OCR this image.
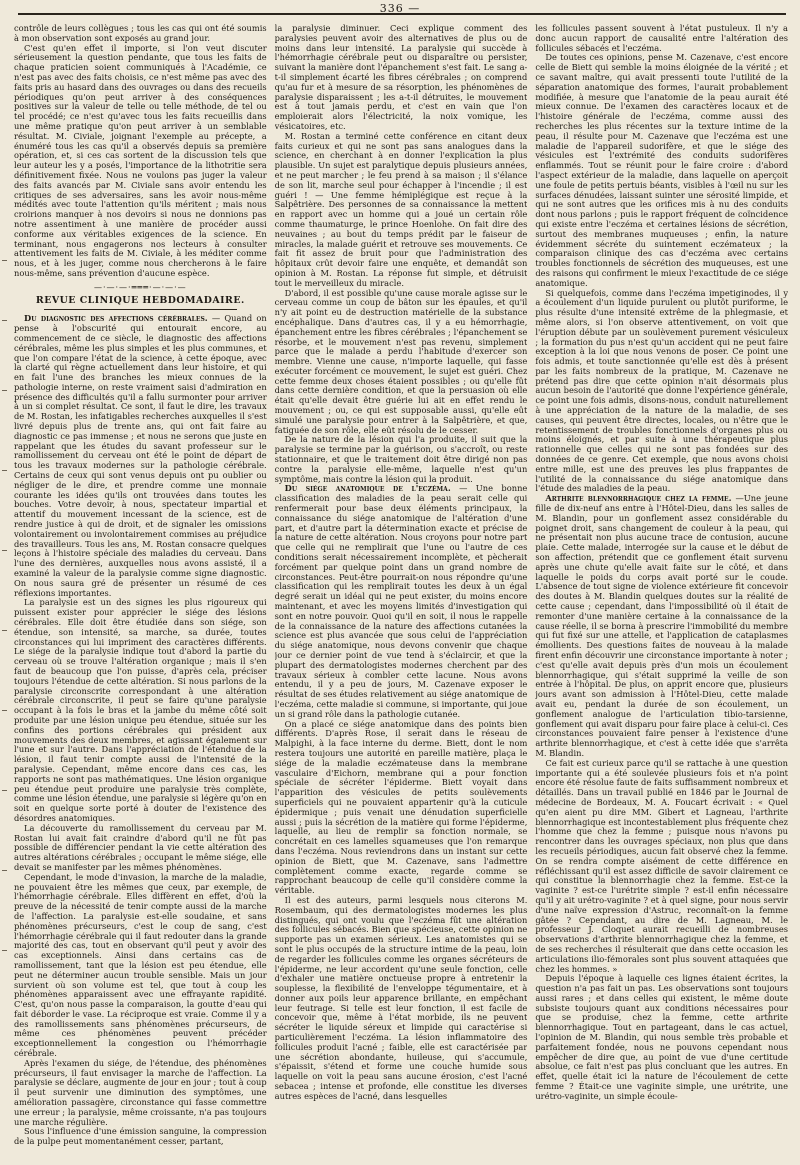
336 —

contrôle de leurs collègues ; tous les cas qui ont été soumis à mon observation sont exposés au grand jour.

C'est qu'en effet il importe, si l'on veut discuter sérieusement la question pendante, que tous les faits de chaque praticien soient communiqués à l'Académie, ce n'est pas avec des faits choisis, ce n'est même pas avec des faits pris au hasard dans des ouvrages ou dans des recueils périodiques qu'on peut arriver à des conséquences positives sur la valeur de telle ou telle méthode, de tel ou tel procédé; ce n'est qu'avec tous les faits recueillis dans une même pratique qu'on peut arriver à un semblable résultat. M. Civiale, joignant l'exemple au précepte, a énuméré tous les cas qu'il a observés depuis sa première opération, et, si ces cas sortent de la discussion tels que leur auteur les y a posés, l'importance de la lithotritie sera définitivement fixée. Nous ne voulons pas juger la valeur des faits avancés par M. Civiale sans avoir entendu les critiques de ses adversaires, sans les avoir nous-même médités avec toute l'attention qu'ils méritent ; mais nous croirions manquer à nos devoirs si nous ne donnions pas notre assentiment à une manière de procéder aussi conforme aux véritables exigences de la science. En terminant, nous engagerons nos lecteurs à consulter attentivement les faits de M. Civiale, à les méditer comme nous, et à les juger, comme nous chercherons à le faire nous-même, sans prévention d'aucune espèce.

—·—·—·═══·—·—·—
REVUE CLINIQUE HEBDOMADAIRE.

Du diagnostic des affections cérébrales. — Quand on pense à l'obscurité qui entourait encore, au commencement de ce siècle, le diagnostic des affections cérébrales, même les plus simples et les plus communes, et que l'on compare l'état de la science, à cette époque, avec la clarté qui règne actuellement dans leur histoire, et qui en fait l'une des branches les mieux connues de la pathologie interne, on reste vraiment saisi d'admiration en présence des difficultés qu'il a fallu surmonter pour arriver à un si complet résultat. Ce sont, il faut le dire, les travaux de M. Rostan, les infatigables recherches auxquelles il s'est livré depuis plus de trente ans, qui ont fait faire au diagnostic ce pas immense ; et nous ne serons que juste en rappelant que les études du savant professeur sur le ramollissement du cerveau ont été le point de départ de tous les travaux modernes sur la pathologie cérébrale. Certains de ceux qui sont venus depuis ont pu oublier ou négliger de le dire, et prendre comme une monnaie courante les idées qu'ils ont trouvées dans toutes les bouches. Votre devoir, à nous, spectateur impartial et attentif du mouvement incessant de la science, est de rendre justice à qui de droit, et de signaler les omissions volontairement ou involontairement commises au préjudice des travailleurs. Tous les ans, M. Rostan consacre quelques leçons à l'histoire spéciale des maladies du cerveau. Dans l'une des dernières, auxquelles nous avons assisté, il a examiné la valeur de la paralysie comme signe diagnostic. On nous saura gré de présenter un résumé de ces réflexions importantes.

La paralysie est un des signes les plus rigoureux qui puissent exister pour apprécier le siége des lésions cérébrales. Elle doit être étudiée dans son siége, son étendue, son intensité, sa marche, sa durée, toutes circonstances qui lui impriment des caractères différents. Le siége de la paralysie indique tout d'abord la partie du cerveau où se trouve l'altération organique ; mais il s'en faut de beaucoup que l'on puisse, d'après cela, préciser toujours l'étendue de cette altération. Si nous parlons de la paralysie circonscrite correspondant à une altération cérébrale circonscrite, il peut se faire qu'une paralysie occupant à la fois le bras et la jambe du même côté soit produite par une lésion unique peu étendue, située sur les confins des portions cérébrales qui président aux mouvements des deux membres, et agissant également sur l'une et sur l'autre. Dans l'appréciation de l'étendue de la lésion, il faut tenir compte aussi de l'intensité de la paralysie. Cependant, même encore dans ces cas, les rapports ne sont pas mathématiques. Une lésion organique peu étendue peut produire une paralysie très complète, comme une lésion étendue, une paralysie si légère qu'on en soit en quelque sorte porté à douter de l'existence des désordres anatomiques.

La découverte du ramollissement du cerveau par M. Rostan lui avait fait craindre d'abord qu'il ne fût pas possible de différencier pendant la vie cette altération des autres altérations cérébrales ; occupant le même siége, elle devait se manifester par les mêmes phénomènes.

Cependant, le mode d'invasion, la marche de la maladie, ne pouvaient être les mêmes que ceux, par exemple, de l'hémorrhagie cérébrale. Elles diffèrent en effet, d'où la preuve de la nécessité de tenir compte aussi de la marche de l'affection. La paralysie est-elle soudaine, et sans phénomènes précurseurs, c'est le coup de sang, c'est l'hémorrhagie cérébrale qui il faut redouter dans la grande majorité des cas, tout en observant qu'il peut y avoir des cas exceptionnels. Ainsi dans certains cas de ramollissement, tant que la lésion est peu étendue, elle peut ne déterminer aucun trouble sensible. Mais un jour survient où son volume est tel, que tout à coup les phénomènes apparaissent avec une effrayante rapidité. C'est, qu'on nous passe la comparaison, la goutte d'eau qui fait déborder le vase. La réciproque est vraie. Comme il y a des ramollissements sans phénomènes précurseurs, de même ces phénomènes peuvent précéder exceptionnellement la congestion ou l'hémorrhagie cérébrale.

Après l'examen du siége, de l'étendue, des phénomènes précurseurs, il faut envisager la marche de l'affection. La paralysie se déclare, augmente de jour en jour ; tout à coup il peut survenir une diminution des symptômes, une amélioration passagère, circonstance qui fasse commettre une erreur ; la paralysie, même croissante, n'a pas toujours une marche régulière.

Sous l'influence d'une émission sanguine, la compression de la pulpe peut momentanément cesser, partant,

la paralysie diminuer. Ceci explique comment des paralysies peuvent avoir des alternatives de plus ou de moins dans leur intensité. La paralysie qui succède à l'hémorrhagie cérébrale peut ou disparaître ou persister, suivant la manière dont l'épanchement s'est fait. Le sang a-t-il simplement écarté les fibres cérébrales ; on comprend qu'au fur et à mesure de sa résorption, les phénomènes de paralysie disparaissent ; les a-t-il détruites, le mouvement est à tout jamais perdu, et c'est en vain que l'on emploierait alors l'électricité, la noix vomique, les vésicatoires, etc.

M. Rostan a terminé cette conférence en citant deux faits curieux et qui ne sont pas sans analogues dans la science, en cherchant à en donner l'explication la plus plausible. Un sujet est paralytique depuis plusieurs années, et ne peut marcher ; le feu prend à sa maison ; il s'élance de son lit, marche seul pour échapper à l'incendie ; il est guéri ! — Une femme hémiplégique est reçue à la Salpêtrière. Des personnes de sa connaissance la mettent en rapport avec un homme qui a joué un certain rôle comme thaumaturge, le prince Hoenlohe. On fait dire des neuvaines ; au bout du temps prédit par le faiseur de miracles, la malade guérit et retrouve ses mouvements. Ce fait fit assez de bruit pour que l'administration des hôpitaux crût devoir faire une enquête, et demandât son opinion à M. Rostan. La réponse fut simple, et détruisit tout le merveilleux du miracle.

D'abord, il est possible qu'une cause morale agisse sur le cerveau comme un coup de bâton sur les épaules, et qu'il n'y ait point eu de destruction matérielle de la substance encéphalique. Dans d'autres cas, il y a eu hémorrhagie, épanchement entre les fibres cérébrales ; l'épanchement se résorbe, et le mouvement n'est pas revenu, simplement parce que le malade a perdu l'habitude d'exercer son membre. Vienne une cause, n'importe laquelle, qui fasse exécuter forcément ce mouvement, le sujet est guéri. Chez cette femme deux choses étaient possibles ; ou qu'elle fût dans cette dernière condition, et que la persuasion où elle était qu'elle devait être guérie lui ait en effet rendu le mouvement ; ou, ce qui est supposable aussi, qu'elle eût simulé une paralysie pour entrer à la Salpêtrière, et que, fatiguée de son rôle, elle eût résolu de le cesser.

De la nature de la lésion qui l'a produite, il suit que la paralysie se termine par la guérison, ou s'accroît, ou reste stationnaire, et que le traitement doit être dirigé non pas contre la paralysie elle-même, laquelle n'est qu'un symptôme, mais contre la lésion qui la produit.

Du siége anatomique de l'eczéma. — Une bonne classification des maladies de la peau serait celle qui renfermerait pour base deux éléments principaux, la connaissance du siége anatomique de l'altération d'une part, et d'autre part la détermination exacte et précise de la nature de cette altération. Nous croyons pour notre part que celle qui ne remplirait que l'une ou l'autre de ces conditions serait nécessairement incomplète, et pècherait forcément par quelque point dans un grand nombre de circonstances. Peut-être pourrait-on nous répondre qu'une classification qui les remplirait toutes les deux à un égal degré serait un idéal qui ne peut exister, du moins encore maintenant, et avec les moyens limités d'investigation qui sont en notre pouvoir. Quoi qu'il en soit, il nous le rappelle de la connaissance de la nature des affections cutanées la science est plus avancée que sous celui de l'appréciation du siége anatomique, nous devons convenir que chaque jour ce dernier point de vue tend à s'éclaircir, et que la plupart des dermatologistes modernes cherchent par des travaux sérieux à combler cette lacune. Nous avons entendu, il y a peu de jours, M. Cazenave exposer le résultat de ses études relativement au siége anatomique de l'eczéma, cette maladie si commune, si importante, qui joue un si grand rôle dans la pathologie cutanée.

On a placé ce siége anatomique dans des points bien différents. D'après Rose, il serait dans le réseau de Malpighi, à la face interne du derme. Biett, dont le nom restera toujours une autorité en pareille matière, plaça le siége de la maladie eczémateuse dans la membrane vasculaire d'Eichorn, membrane qui a pour fonction spéciale de sécréter l'épiderme. Biett voyait dans l'apparition des vésicules de petits soulèvements superficiels qui ne pouvaient appartenir qu'à la cuticule épidermique ; puis venait une dénudation superficielle aussi ; puis la sécrétion de la matière qui forme l'épiderme, laquelle, au lieu de remplir sa fonction normale, se concrétait en ces lamelles squameuses que l'on remarque dans l'eczéma. Nous reviendrons dans un instant sur cette opinion de Biett, que M. Cazenave, sans l'admettre complètement comme exacte, regarde comme se rapprochant beaucoup de celle qu'il considère comme la véritable.

Il est des auteurs, parmi lesquels nous citerons M. Rosembaum, qui des dermatologistes modernes les plus distingués, qui ont voulu que l'eczéma fût une altération des follicules sébacés. Bien que spécieuse, cette opinion ne supporte pas un examen sérieux. Les anatomistes qui se sont le plus occupés de la structure intime de la peau, loin de regarder les follicules comme les organes sécréteurs de l'épiderme, ne leur accordent qu'une seule fonction, celle d'exhaler une matière onctueuse propre à entretenir la souplesse, la flexibilité de l'enveloppe tégumentaire, et à donner aux poils leur apparence brillante, en empêchant leur feutrage. Si telle est leur fonction, il est facile de concevoir que, même à l'état morbide, ils ne peuvent sécréter le liquide séreux et limpide qui caractérise si particulièrement l'eczéma. La lésion inflammatoire des follicules produit l'acné ; faible, elle est caractérisée par une sécrétion abondante, huileuse, qui s'accumule, s'épaissit, s'étend et forme une couche humide sous laquelle on voit la peau sans aucune érosion, c'est l'acné sebacea ; intense et profonde, elle constitue les diverses autres espèces de l'acné, dans lesquelles

les follicules passent souvent à l'état pustuleux. Il n'y a donc aucun rapport de causalité entre l'altération des follicules sébacés et l'eczéma.

De toutes ces opinions, pense M. Cazenave, c'est encore celle de Biett qui semble la moins éloignée de la vérité ; et ce savant maître, qui avait pressenti toute l'utilité de la séparation anatomique des formes, l'aurait probablement modifiée, à mesure que l'anatomie de la peau aurait été mieux connue. De l'examen des caractères locaux et de l'histoire générale de l'eczéma, comme aussi des recherches les plus récentes sur la texture intime de la peau, il résulte pour M. Cazenave que l'eczéma est une maladie de l'appareil sudorifère, et que le siége des vésicules est l'extrémité des conduits sudorifères enflammés. Tout se réunit pour le faire croire : d'abord l'aspect extérieur de la maladie, dans laquelle on aperçoit une foule de petits pertuis béants, visibles à l'œil nu sur les surfaces dénudées, laissant suinter une sérosité limpide, et qui ne sont autres que les orifices mis à nu des conduits dont nous parlons ; puis le rapport fréquent de coïncidence qui existe entre l'eczéma et certaines lésions de sécrétion, surtout des membranes muqueuses ; enfin, la nature évidemment sécréte du suintement eczémateux ; la comparaison clinique des cas d'eczéma avec certains troubles fonctionnels de sécrétion des muqueuses, est une des raisons qui confirment le mieux l'exactitude de ce siége anatomique.

Si quelquefois, comme dans l'eczéma impetiginodes, il y a écoulement d'un liquide purulent ou plutôt puriforme, le plus résulte d'une intensité extrême de la phlegmasie, et même alors, si l'on observe attentivement, on voit que l'éruption débute par un soulèvement purement vésiculeux ; la formation du pus n'est qu'un accident qui ne peut faire exception à la loi que nous venons de poser. Ce point une fois admis, et toute sanctionnée qu'elle est dès à présent par les faits nombreux de la pratique, M. Cazenave ne prétend pas dire que cette opinion n'ait désormais plus aucun besoin de l'autorité que donne l'expérience générale, ce point une fois admis, disons-nous, conduit naturellement à une appréciation de la nature de la maladie, de ses causes, qui peuvent être directes, locales, ou n'être que le retentissement de troubles fonctionnels d'organes plus ou moins éloignés, et par suite à une thérapeutique plus rationnelle que celles qui ne sont pas fondées sur des données de ce genre. Cet exemple, que nous avons choisi entre mille, est une des preuves les plus frappantes de l'utilité de la connaissance du siége anatomique dans l'étude des maladies de la peau.

Arthrite blennorrhagique chez la femme. —Une jeune fille de dix-neuf ans entre à l'Hôtel-Dieu, dans les salles de M. Blandin, pour un gonflement assez considérable du poignet droit, sans changement de couleur à la peau, qui ne présentait non plus aucune trace de contusion, aucune plaie. Cette malade, interrogée sur la cause et le début de son affection, prétendit que ce gonflement était survenu après une chute qu'elle avait faite sur le côté, et dans laquelle le poids du corps avait porté sur le coude. L'absence de tout signe de violence extérieure fit concevoir des doutes à M. Blandin quelques doutes sur la réalité de cette cause ; cependant, dans l'impossibilité où il était de remonter d'une manière certaine à la connaissance de la cause réelle, il se borna à prescrire l'immobilité du membre qui fut fixé sur une attelle, et l'application de cataplasmes émollients. Des questions faites de nouveau à la malade firent enfin découvrir une circonstance importante à noter ; c'est qu'elle avait depuis près d'un mois un écoulement blennorrhagique, qui s'était supprimé la veille de son entrée à l'hôpital. De plus, on apprit encore que, plusieurs jours avant son admission à l'Hôtel-Dieu, cette malade avait eu, pendant la durée de son écoulement, un gonflement analogue de l'articulation tibio-tarsienne, gonflement qui avait disparu pour faire place à celui-ci. Ces circonstances pouvaient faire penser à l'existence d'une arthrite blennorrhagique, et c'est à cette idée que s'arrêta M. Blandin.

Ce fait est curieux parce qu'il se rattache à une question importante qui a été soulevée plusieurs fois et n'a point encore été résolue faute de faits suffisamment nombreux et détaillés. Dans un travail publié en 1846 par le Journal de médecine de Bordeaux, M. A. Foucart écrivait : « Quel qu'en aient pu dire MM. Gibert et Lagneau, l'arthrite blennorrhagique est incontestablement plus fréquente chez l'homme que chez la femme ; puisque nous n'avons pu rencontrer dans les ouvrages spéciaux, non plus que dans les recueils périodiques, aucun fait observé chez la femme. On se rendra compte aisément de cette différence en réfléchissant qu'il est assez difficile de savoir clairement ce qui constitue la blennorrhagie chez la femme. Est-ce la vaginite ? est-ce l'urétrite simple ? est-il enfin nécessaire qu'il y ait urétro-vaginite ? et à quel signe, pour nous servir d'une naïve expression d'Astruc, reconnaît-on la femme gâtée ? Cependant, au dire de M. Lagneau, M. le professeur J. Cloquet aurait recueilli de nombreuses observations d'arthrite blennorrhagique chez la femme, et de ses recherches il résulterait que dans cette occasion les articulations ilio-fémorales sont plus souvent attaquées que chez les hommes. »

Depuis l'époque à laquelle ces lignes étaient écrites, la question n'a pas fait un pas. Les observations sont toujours aussi rares ; et dans celles qui existent, le même doute subsiste toujours quant aux conditions nécessaires pour que se produise, chez la femme, cette arthrite blennorrhagique. Tout en partageant, dans le cas actuel, l'opinion de M. Blandin, qui nous semble très probable et parfaitement fondée, nous ne pouvons cependant nous empêcher de dire que, au point de vue d'une certitude absolue, ce fait n'est pas plus concluant que les autres. En effet, quelle était ici la nature de l'écoulement de cette femme ? Était-ce une vaginite simple, une urétrite, une urétro-vaginite, un simple écoule-
